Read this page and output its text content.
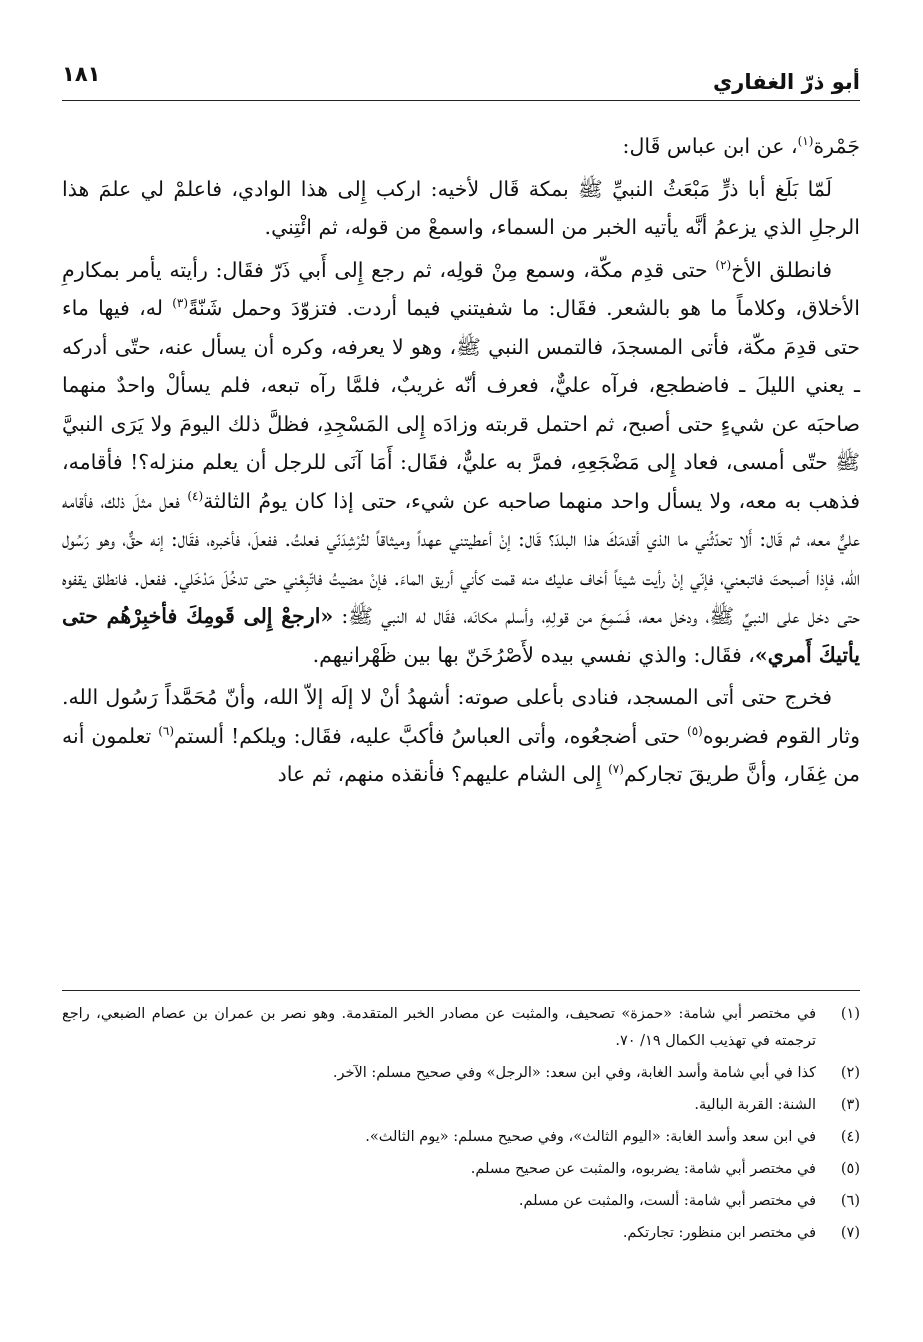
أبو ذرّ الغفاري
١٨١

جَمْرة$^{(١)}$، عن ابن عباس قَال:

لَمّا بَلَغ أبا ذرٍّ مَبْعَثُ النبيِّ ﷺ بمكة قَال لأخيه: اركب إِلى هذا الوادي، فاعلمْ لي علمَ هذا الرجلِ الذي يزعمُ أنَّه يأتيه الخبر من السماء، واسمعْ من قوله، ثم ائْتِني.

فانطلق الأخ$^{(٢)}$ حتى قدِم مكّة، وسمع مِنْ قولِه، ثم رجع إِلى أَبي ذَرّ فقَال: رأيته يأمر بمكارمِ الأخلاق، وكلاماً ما هو بالشعر. فقَال: ما شفيتني فيما أردت. فتزوّدَ وحمل شَنّةً$^{(٣)}$ له، فيها ماء حتى قدِمَ مكّة، فأتى المسجدَ، فالتمس النبي ﷺ، وهو لا يعرفه، وكره أن يسأل عنه، حتّى أدركه ـ يعني الليلَ ـ فاضطجع، فرآه عليٌّ، فعرف أنّه غريبٌ، فلمَّا رآه تبعه، فلم يسألْ واحدٌ منهما صاحبَه عن شيءٍ حتى أصبح، ثم احتمل قربته وزادَه إِلى المَسْجِدِ، فظلَّ ذلك اليومَ ولا يَرَى النبيَّ ﷺ حتّى أمسى، فعاد إِلى مَضْجَعِهِ، فمرَّ به عليٌّ، فقَال: أَمَا آنَى للرجل أن يعلم منزله؟! فأقامه، فذهب به معه، ولا يسأل واحد منهما صاحبه عن شيء، حتى إذا كان يومُ الثالثة$^{(٤)}$ فعل مثلَ ذلك، فأقامه عليٌّ معه، ثم قَال: أَلا تحدّثُني ما الذي أقدمَكَ هذا البلدَ؟ قَال: إنْ أعطيتني عهداً وميثاقاً لتُرْشِدَنّي فعلتُ. ففعلَ، فأخبره، فقَال: إنه حقٌّ، وهو رَسُول الله، فإذا أصبحتَ فاتبعني، فإنّي إنْ رأيت شيئاً أخاف عليك منه قمت كأني أريق الماءَ. فإنْ مضيتُ فاتّبِعْني حتى تدخُلَ مَدْخَلي. ففعل. فانطلق يقفوه حتى دخل على النبيِّ ﷺ، ودخل معه، فَسَمِعَ من قولِهِ، وأسلم مكانَه، فقَال له النبي ﷺ: «ارجعْ إِلى قَومِكَ فأخبِرْهُم حتى يأتيكَ أَمري»، فقَال: والذي نفسي بيده لأَصْرُخَنّ بها بين ظَهْرانيهم.

فخرج حتى أتى المسجد، فنادى بأعلى صوته: أشهدُ أنْ لا إلَه إلاّ الله، وأنّ مُحَمَّداً رَسُول الله. وثار القوم فضربوه$^{(٥)}$ حتى أضجعُوه، وأتى العباسُ فأكبَّ عليه، فقَال: ويلكم! ألستم$^{(٦)}$ تعلمون أنه من غِفَار، وأنَّ طريقَ تجاركم$^{(٧)}$ إِلى الشام عليهم؟ فأنقذه منهم، ثم عاد

(١)
في مختصر أبي شامة: «حمزة» تصحيف، والمثبت عن مصادر الخبر المتقدمة. وهو نصر بن عمران بن عصام الضبعي، راجع ترجمته في تهذيب الكمال ١٩/ ٧٠.
(٢)
كذا في أبي شامة وأسد الغابة، وفي ابن سعد: «الرجل» وفي صحيح مسلم: الآخر.
(٣)
الشنة: القربة البالية.
(٤)
في ابن سعد وأسد الغابة: «اليوم الثالث»، وفي صحيح مسلم: «يوم الثالث».
(٥)
في مختصر أبي شامة: يضربوه، والمثبت عن صحيح مسلم.
(٦)
في مختصر أبي شامة: ألست، والمثبت عن مسلم.
(٧)
في مختصر ابن منظور: تجارتكم.
